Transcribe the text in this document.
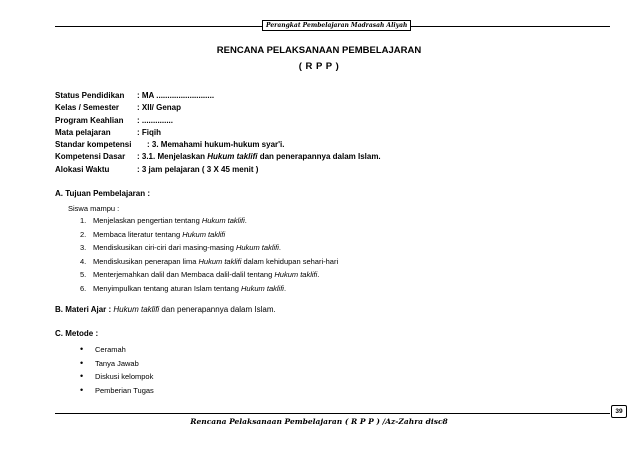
Perangkat Pembelajaran Madrasah Aliyah
RENCANA PELAKSANAAN PEMBELAJARAN
( R P P )
Status Pendidikan : MA ..........................
Kelas / Semester : XII/ Genap
Program Keahlian : ..............
Mata pelajaran	: Fiqih
Standar kompetensi : 3. Memahami hukum-hukum syar'i.
Kompetensi Dasar : 3.1. Menjelaskan Hukum taklifi dan penerapannya dalam Islam.
Alokasi Waktu	: 3 jam pelajaran ( 3 X 45 menit )
A. Tujuan Pembelajaran :
Siswa mampu :
1. Menjelaskan pengertian tentang Hukum taklifi.
2. Membaca literatur tentang Hukum taklifi
3. Mendiskusikan ciri-ciri dari masing-masing Hukum taklifi.
4. Mendiskusikan penerapan lima Hukum taklifi dalam kehidupan sehari-hari
5. Menterjemahkan dalil dan Membaca dalil-dalil tentang Hukum taklifi.
6. Menyimpulkan tentang aturan Islam tentang Hukum taklifi.
B. Materi Ajar : Hukum taklifi dan penerapannya dalam Islam.
C. Metode :
• Ceramah
• Tanya Jawab
• Diskusi kelompok
• Pemberian Tugas
39
Rencana Pelaksanaan Pembelajaran ( R P P ) /Az-Zahra disc8
